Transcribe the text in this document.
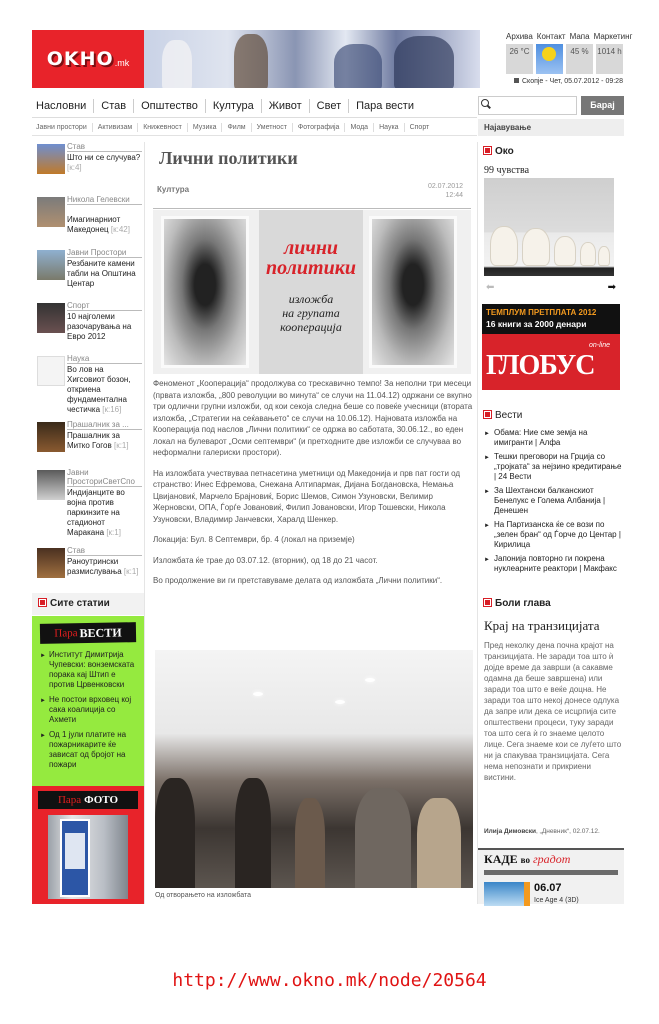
OKHO .mk
Архива Контакт Мапа Маркетинг
26 °C	45 %	1014 h
Скопје - Чет, 05.07.2012 - 09:28
Насловни	Став	Општество	Култура	Живот	Свет	Пара вести
Јавни простори	Активизам	Книжевност	Музика	Филм	Уметност	Фотографија	Мода	Наука	Спорт
Барај
Најавување
Став
Што ни се случува? [к:4]
Никола Гелевски
Имагинарниот Македонец [к:42]
Јавни Простори
Резбаните камени табли на Општина Центар
Спорт
10 најголеми разочарувања на Евро 2012
Наука
Во лов на Хигсовиот бозон, откриена фундаментална честичка [к:16]
Прашалник за ...
Прашалник за Митко Гогов [к:1]
Јавни ПросториСветСпо
Индијанците во војна против паркинзите на стадионот Маракана [к:1]
Став
Раноутрински размислувања [к:1]
Сите статии
Пара ВЕСТИ
► Институт Димитрија Чупевски: вонземската порака кај Штип е против Црвенковски
► Не постои врховец кој сака коалиција со Ахмети
► Од 1 јули платите на пожарникарите ќе зависат од бројот на пожари
Пара ФОТО
Лични политики
Култура	02.07.2012
12:44
лични
политики
изложба
на групата
кооперација

Феноменот „Кооперација“ продолжува со трескавично темпо! За неполни три месеци (првата изложба, „800 револуции во минута“ се случи на 11.04.12) одржани се вкупно три одлични групни изложби, од кои секоја следна беше со повеќе учесници (втората изложба, „Стратегии на сеќавањето“ се случи на 10.06.12). Најновата изложба на Кооперација под наслов „Лични политики“ се одржа во саботата, 30.06.12., во еден локал на булеварот „Осми септември“ (и претходните две изложби се случуваа во неформални галериски простори).

На изложбата учествуваа петнасетина уметници од Македонија и прв пат гости од странство: Инес Ефремова, Снежана Алтипармак, Дијана Богдановска, Немања Цвијановиќ, Марчело Брајновиќ, Борис Шемов, Симон Узуновски, Велимир Жерновски, ОПА, Ѓорѓе Јовановиќ, Филип Јовановски, Игор Тошевски, Никола Узуновски, Владимир Јанчевски, Харалд Шенкер.

Локација: Бул. 8 Септември, бр. 4 (локал на приземје)

Изложбата ќе трае до 03.07.12. (вторник), од 18 до 21 часот.

Во продолжение ви ги претставуваме делата од изложбата „Лични политики“.

Од отворањето на изложбата
Око
99 чувства
⬅	➡
ТЕМПЛУМ ПРЕТПЛАТА 2012
16 книги за 2000 денари
on-line
ГЛОБУС
Вести
► Обама: Ние сме земја на имигранти | Алфа
► Тешки преговори на Грција со „тројката“ за нејзино кредитирање | 24 Вести
► За Шехтански балканскиот Бенелукс е Голема Албанија | Денешен
► На Партизанска ќе се вози по „зелен бран“ од Ѓорче до Центар | Кирилица
► Јапонија повторно ги покрена нуклеарните реактори | Макфакс
Боли глава
Крај на транзицијата
Пред неколку дена почна крајот на транзицијата. Не заради тоа што ѝ дојде време да заврши (а сакавме одамна да беше завршена) или заради тоа што е веќе доцна. Не заради тоа што некој донесе одлука да запре или дека се исцрпија сите општествени процеси, туку заради тоа што сега ѝ го знаеме целото лице. Сега знаеме кои се луѓето што ни ја спакуваа транзицијата. Сега нема непознати и прикриени вистини.
Илија Димовски, „Дневник“, 02.07.12.
КАДЕ во градот
06.07
Ice Age 4 (3D)
http://www.okno.mk/node/20564
